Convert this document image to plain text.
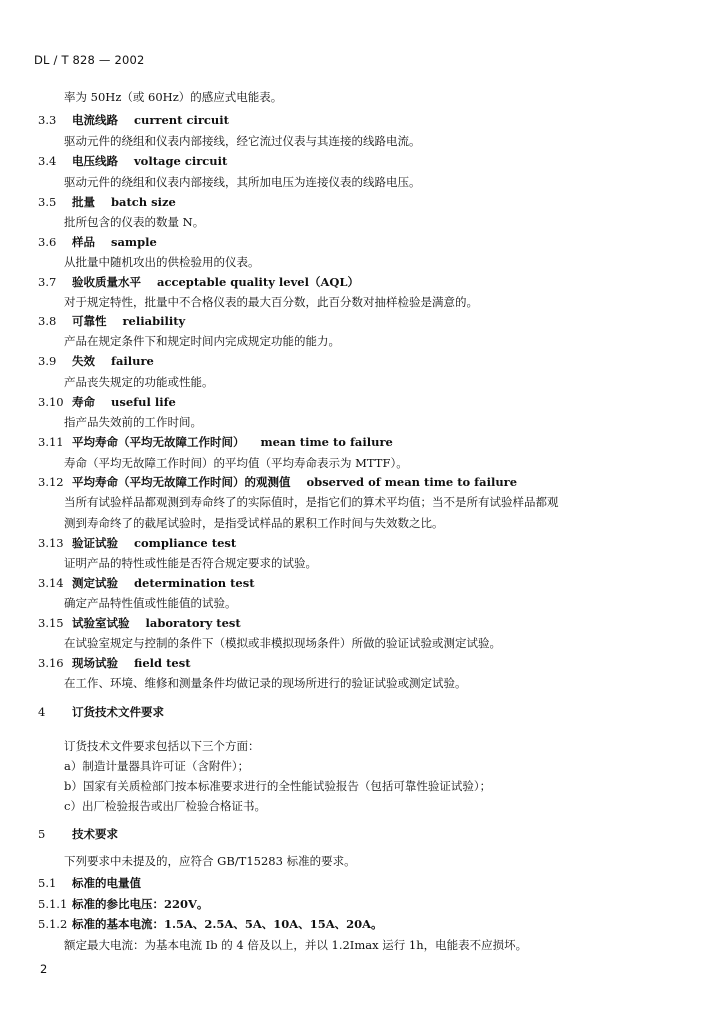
DL / T 828 — 2002
率为 50Hz（或 60Hz）的感应式电能表。
3.3 电流线路 current circuit
驱动元件的绕组和仪表内部接线，经它流过仪表与其连接的线路电流。
3.4 电压线路 voltage circuit
驱动元件的绕组和仪表内部接线，其所加电压为连接仪表的线路电压。
3.5 批量 batch size
批所包含的仪表的数量 N。
3.6 样品 sample
从批量中随机攻出的供检验用的仪表。
3.7 验收质量水平 acceptable quality level（AQL）
对于规定特性，批量中不合格仪表的最大百分数，此百分数对抽样检验是满意的。
3.8 可靠性 reliability
产品在规定条件下和规定时间内完成规定功能的能力。
3.9 失效 failure
产品丧失规定的功能或性能。
3.10 寿命 useful life
指产品失效前的工作时间。
3.11 平均寿命（平均无故障工作时间） mean time to failure
寿命（平均无故障工作时间）的平均值（平均寿命表示为 MTTF）。
3.12 平均寿命（平均无故障工作时间）的观测值 observed of mean time to failure
当所有试验样品都观测到寿命终了的实际值时，是指它们的算术平均值；当不是所有试验样品都观
测到寿命终了的截尾试验时，是指受试样品的累积工作时间与失效数之比。
3.13 验证试验 compliance test
证明产品的特性或性能是否符合规定要求的试验。
3.14 测定试验 determination test
确定产品特性值或性能值的试验。
3.15 试验室试验 laboratory test
在试验室规定与控制的条件下（模拟或非模拟现场条件）所做的验证试验或测定试验。
3.16 现场试验 field test
在工作、环境、维修和测量条件均做记录的现场所进行的验证试验或测定试验。
4 订货技术文件要求
订货技术文件要求包括以下三个方面：
a）制造计量器具许可证（含附件）；
b）国家有关质检部门按本标准要求进行的全性能试验报告（包括可靠性验证试验）；
c）出厂检验报告或出厂检验合格证书。
5 技术要求
下列要求中未提及的，应符合 GB/T15283 标准的要求。
5.1 标准的电量值
5.1.1 标准的参比电压：220V。
5.1.2 标准的基本电流：1.5A、2.5A、5A、10A、15A、20A。
额定最大电流：为基本电流 Ib 的 4 倍及以上，并以 1.2Imax 运行 1h，电能表不应损坏。
2
